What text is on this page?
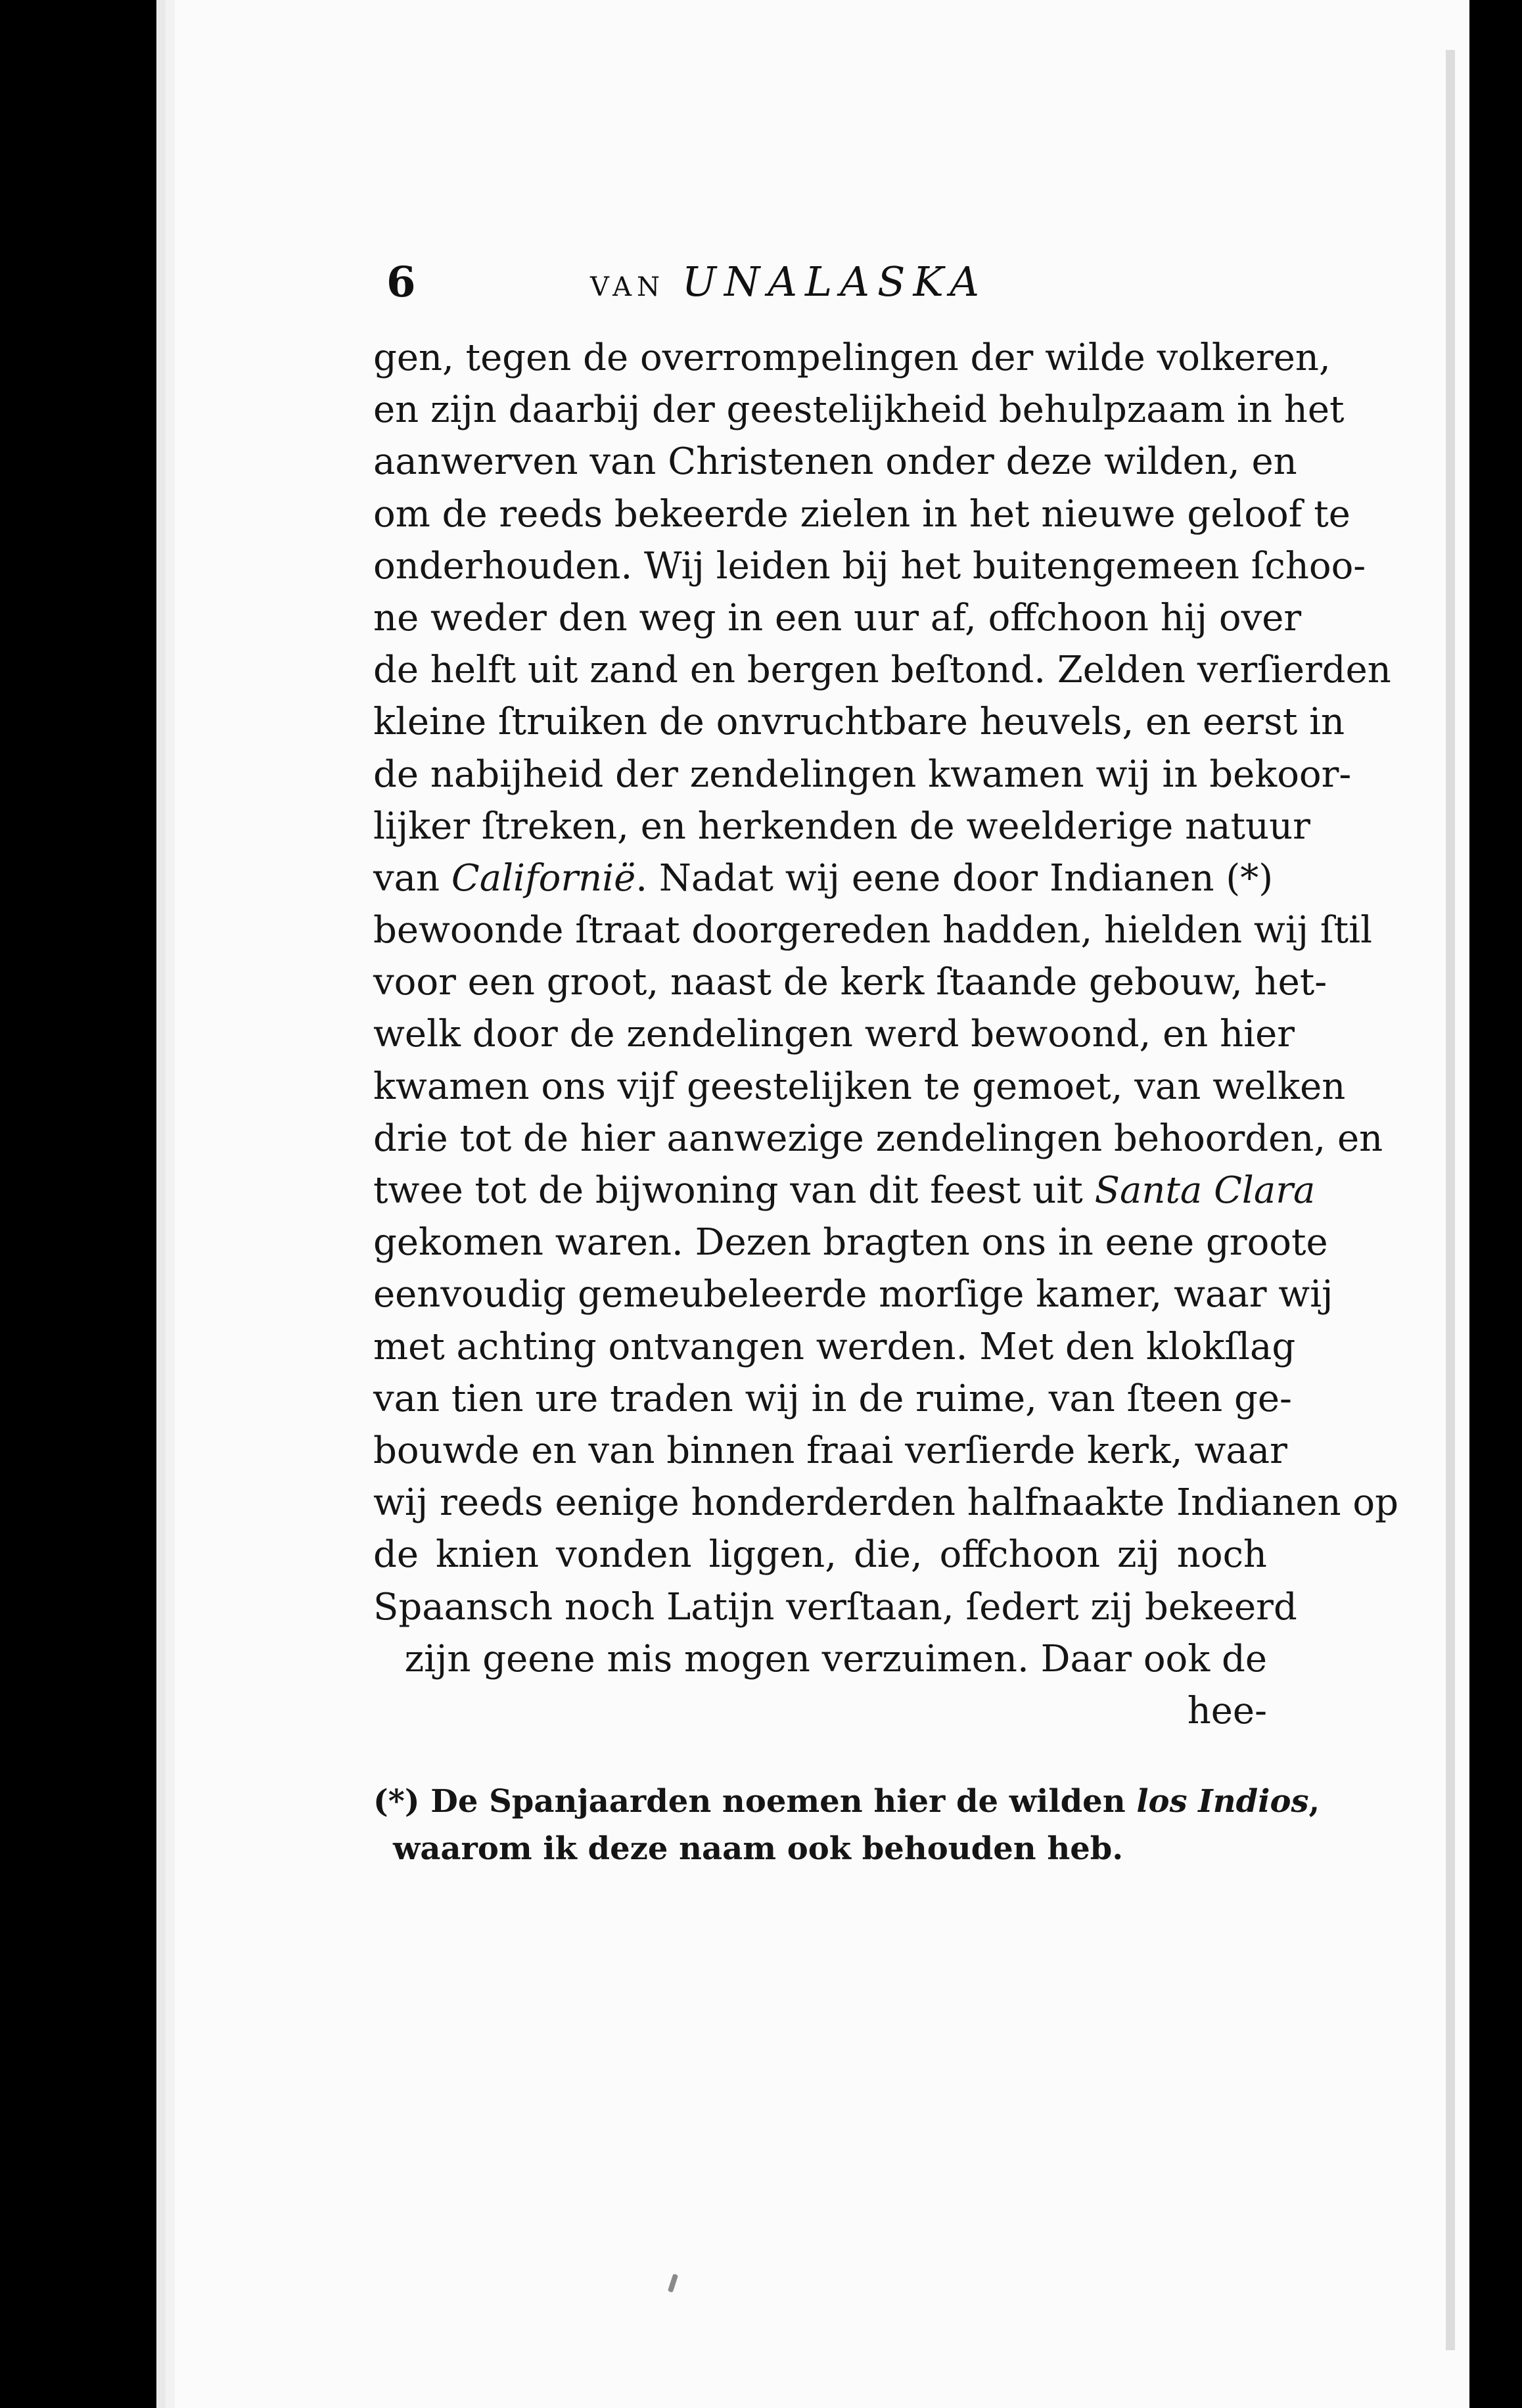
6	VAN UNALASKA
gen, tegen de overrompelingen der wilde volkeren,
en zijn daarbij der geestelijkheid behulpzaam in het
aanwerven van Christenen onder deze wilden, en
om de reeds bekeerde zielen in het nieuwe geloof te
onderhouden. Wij leiden bij het buitengemeen ſchoo-
ne weder den weg in een uur af, offchoon hij over
de helft uit zand en bergen beſtond. Zelden verſierden
kleine ſtruiken de onvruchtbare heuvels, en eerst in
de nabijheid der zendelingen kwamen wij in bekoor-
lijker ſtreken, en herkenden de weelderige natuur
van Californië. Nadat wij eene door Indianen (*)
bewoonde ſtraat doorgereden hadden, hielden wij ſtil
voor een groot, naast de kerk ſtaande gebouw, het-
welk door de zendelingen werd bewoond, en hier
kwamen ons vijf geestelijken te gemoet, van welken
drie tot de hier aanwezige zendelingen behoorden, en
twee tot de bijwoning van dit feest uit Santa Clara
gekomen waren. Dezen bragten ons in eene groote
eenvoudig gemeubeleerde morſige kamer, waar wij
met achting ontvangen werden. Met den klokſlag
van tien ure traden wij in de ruime, van ſteen ge-
bouwde en van binnen fraai verſierde kerk, waar
wij reeds eenige honderderden halfnaakte Indianen op
de knien vonden liggen, die, offchoon zij noch
Spaansch noch Latijn verſtaan, ſedert zij bekeerd
zijn geene mis mogen verzuimen. Daar ook de
hee-
(*) De Spanjaarden noemen hier de wilden los Indios,
waarom ik deze naam ook behouden heb.
